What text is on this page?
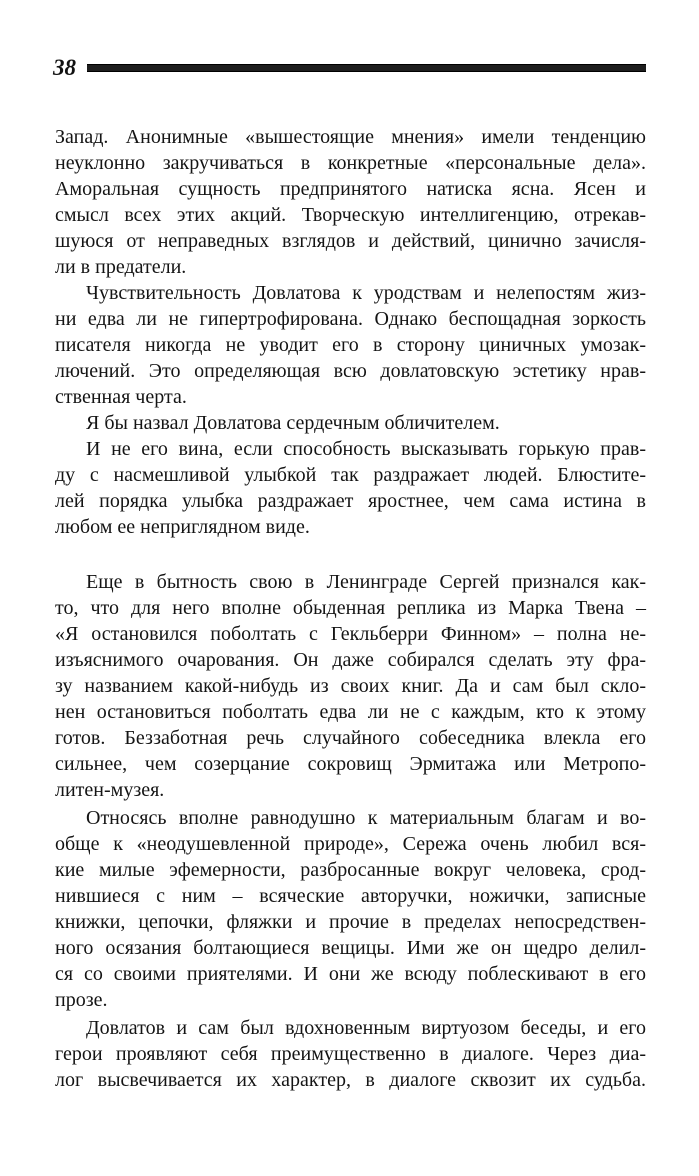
38
Запад. Анонимные «вышестоящие мнения» имели тенденцию
неуклонно закручиваться в конкретные «персональные дела».
Аморальная сущность предпринятого натиска ясна. Ясен и
смысл всех этих акций. Творческую интеллигенцию, отрекав-
шуюся от неправедных взглядов и действий, цинично зачисля-
ли в предатели.
Чувствительность Довлатова к уродствам и нелепостям жиз-
ни едва ли не гипертрофирована. Однако беспощадная зоркость
писателя никогда не уводит его в сторону циничных умозак-
лючений. Это определяющая всю довлатовскую эстетику нрав-
ственная черта.
Я бы назвал Довлатова сердечным обличителем.
И не его вина, если способность высказывать горькую прав-
ду с насмешливой улыбкой так раздражает людей. Блюстите-
лей порядка улыбка раздражает яростнее, чем сама истина в
любом ее неприглядном виде.
Еще в бытность свою в Ленинграде Сергей признался как-
то, что для него вполне обыденная реплика из Марка Твена –
«Я остановился поболтать с Гекльберри Финном» – полна не-
изъяснимого очарования. Он даже собирался сделать эту фра-
зу названием какой-нибудь из своих книг. Да и сам был скло-
нен остановиться поболтать едва ли не с каждым, кто к этому
готов. Беззаботная речь случайного собеседника влекла его
сильнее, чем созерцание сокровищ Эрмитажа или Метропо-
литен-музея.
Относясь вполне равнодушно к материальным благам и во-
обще к «неодушевленной природе», Сережа очень любил вся-
кие милые эфемерности, разбросанные вокруг человека, срод-
нившиеся с ним – всяческие авторучки, ножички, записные
книжки, цепочки, фляжки и прочие в пределах непосредствен-
ного осязания болтающиеся вещицы. Ими же он щедро делил-
ся со своими приятелями. И они же всюду поблескивают в его
прозе.
Довлатов и сам был вдохновенным виртуозом беседы, и его
герои проявляют себя преимущественно в диалоге. Через диа-
лог высвечивается их характер, в диалоге сквозит их судьба.
